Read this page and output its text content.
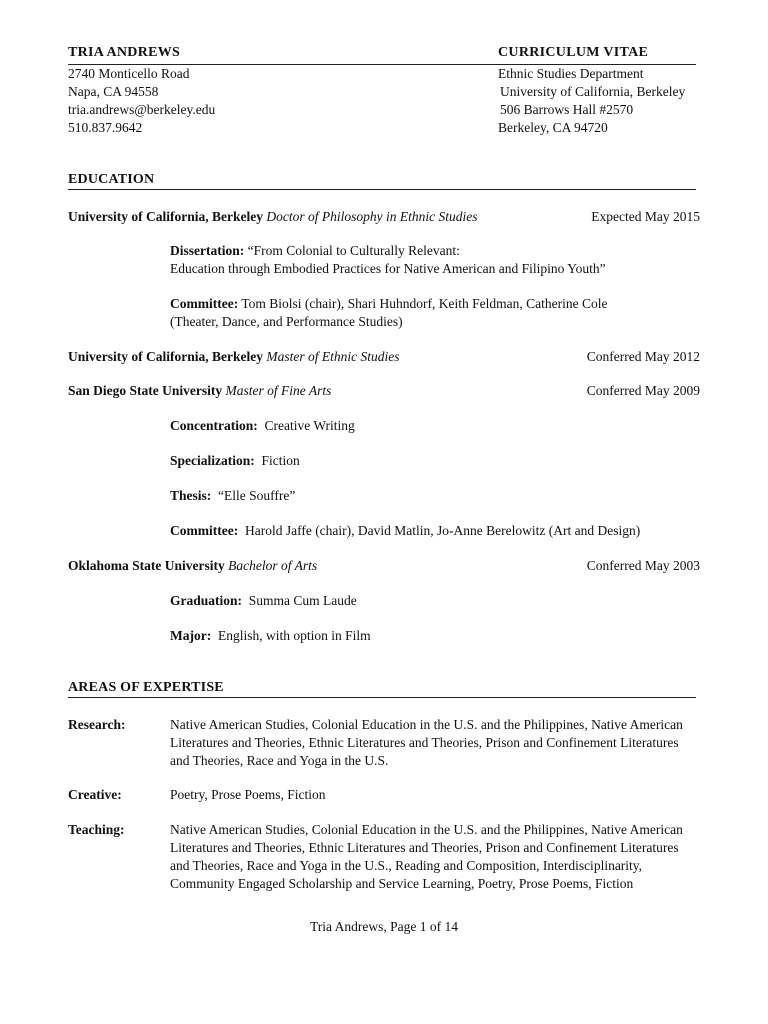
TRIA ANDREWS	CURRICULUM VITAE
2740 Monticello Road
Napa, CA 94558
tria.andrews@berkeley.edu
510.837.9642
Ethnic Studies Department
University of California, Berkeley
506 Barrows Hall #2570
Berkeley, CA 94720
EDUCATION
University of California, Berkeley Doctor of Philosophy in Ethnic Studies	Expected May 2015
Dissertation: “From Colonial to Culturally Relevant:
Education through Embodied Practices for Native American and Filipino Youth”
Committee: Tom Biolsi (chair), Shari Huhndorf, Keith Feldman, Catherine Cole
(Theater, Dance, and Performance Studies)
University of California, Berkeley Master of Ethnic Studies	Conferred May 2012
San Diego State University Master of Fine Arts	Conferred May 2009
Concentration: Creative Writing
Specialization: Fiction
Thesis: “Elle Souffre”
Committee: Harold Jaffe (chair), David Matlin, Jo-Anne Berelowitz (Art and Design)
Oklahoma State University Bachelor of Arts	Conferred May 2003
Graduation: Summa Cum Laude
Major: English, with option in Film
AREAS OF EXPERTISE
Research:	Native American Studies, Colonial Education in the U.S. and the Philippines, Native American Literatures and Theories, Ethnic Literatures and Theories, Prison and Confinement Literatures and Theories, Race and Yoga in the U.S.
Creative:	Poetry, Prose Poems, Fiction
Teaching:	Native American Studies, Colonial Education in the U.S. and the Philippines, Native American Literatures and Theories, Ethnic Literatures and Theories, Prison and Confinement Literatures and Theories, Race and Yoga in the U.S., Reading and Composition, Interdisciplinarity, Community Engaged Scholarship and Service Learning, Poetry, Prose Poems, Fiction
Tria Andrews, Page 1 of 14
